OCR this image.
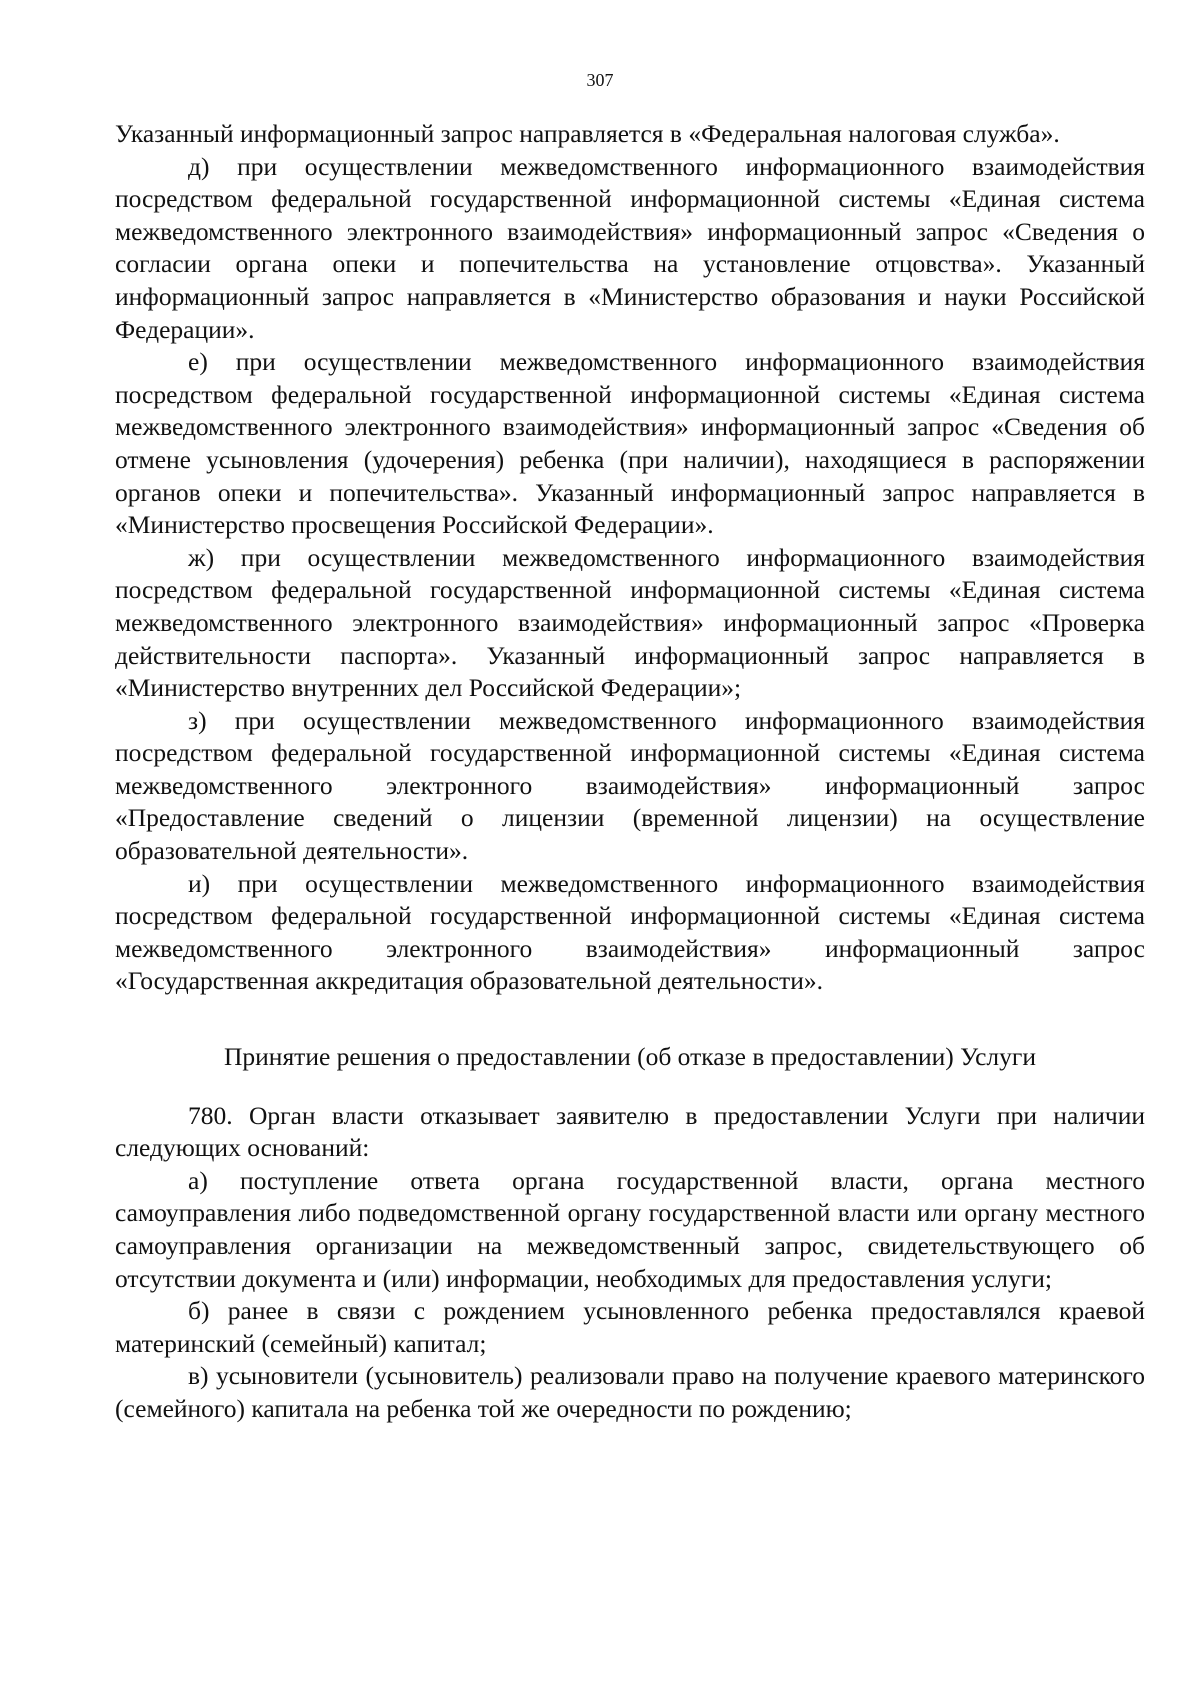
307

Указанный информационный запрос направляется в «Федеральная налоговая служба».

д) при осуществлении межведомственного информационного взаимодействия посредством федеральной государственной информационной системы «Единая система межведомственного электронного взаимодействия» информационный запрос «Сведения о согласии органа опеки и попечительства на установление отцовства». Указанный информационный запрос направляется в «Министерство образования и науки Российской Федерации».

е) при осуществлении межведомственного информационного взаимодействия посредством федеральной государственной информационной системы «Единая система межведомственного электронного взаимодействия» информационный запрос «Сведения об отмене усыновления (удочерения) ребенка (при наличии), находящиеся в распоряжении органов опеки и попечительства». Указанный информационный запрос направляется в «Министерство просвещения Российской Федерации».

ж) при осуществлении межведомственного информационного взаимодействия посредством федеральной государственной информационной системы «Единая система межведомственного электронного взаимодействия» информационный запрос «Проверка действительности паспорта». Указанный информационный запрос направляется в «Министерство внутренних дел Российской Федерации»;

з) при осуществлении межведомственного информационного взаимодействия посредством федеральной государственной информационной системы «Единая система межведомственного электронного взаимодействия» информационный запрос «Предоставление сведений о лицензии (временной лицензии) на осуществление образовательной деятельности».

и) при осуществлении межведомственного информационного взаимодействия посредством федеральной государственной информационной системы «Единая система межведомственного электронного взаимодействия» информационный запрос «Государственная аккредитация образовательной деятельности».

Принятие решения о предоставлении (об отказе в предоставлении) Услуги

780. Орган власти отказывает заявителю в предоставлении Услуги при наличии следующих оснований:

а) поступление ответа органа государственной власти, органа местного самоуправления либо подведомственной органу государственной власти или органу местного самоуправления организации на межведомственный запрос, свидетельствующего об отсутствии документа и (или) информации, необходимых для предоставления услуги;

б) ранее в связи с рождением усыновленного ребенка предоставлялся краевой материнский (семейный) капитал;

в) усыновители (усыновитель) реализовали право на получение краевого материнского (семейного) капитала на ребенка той же очередности по рождению;
